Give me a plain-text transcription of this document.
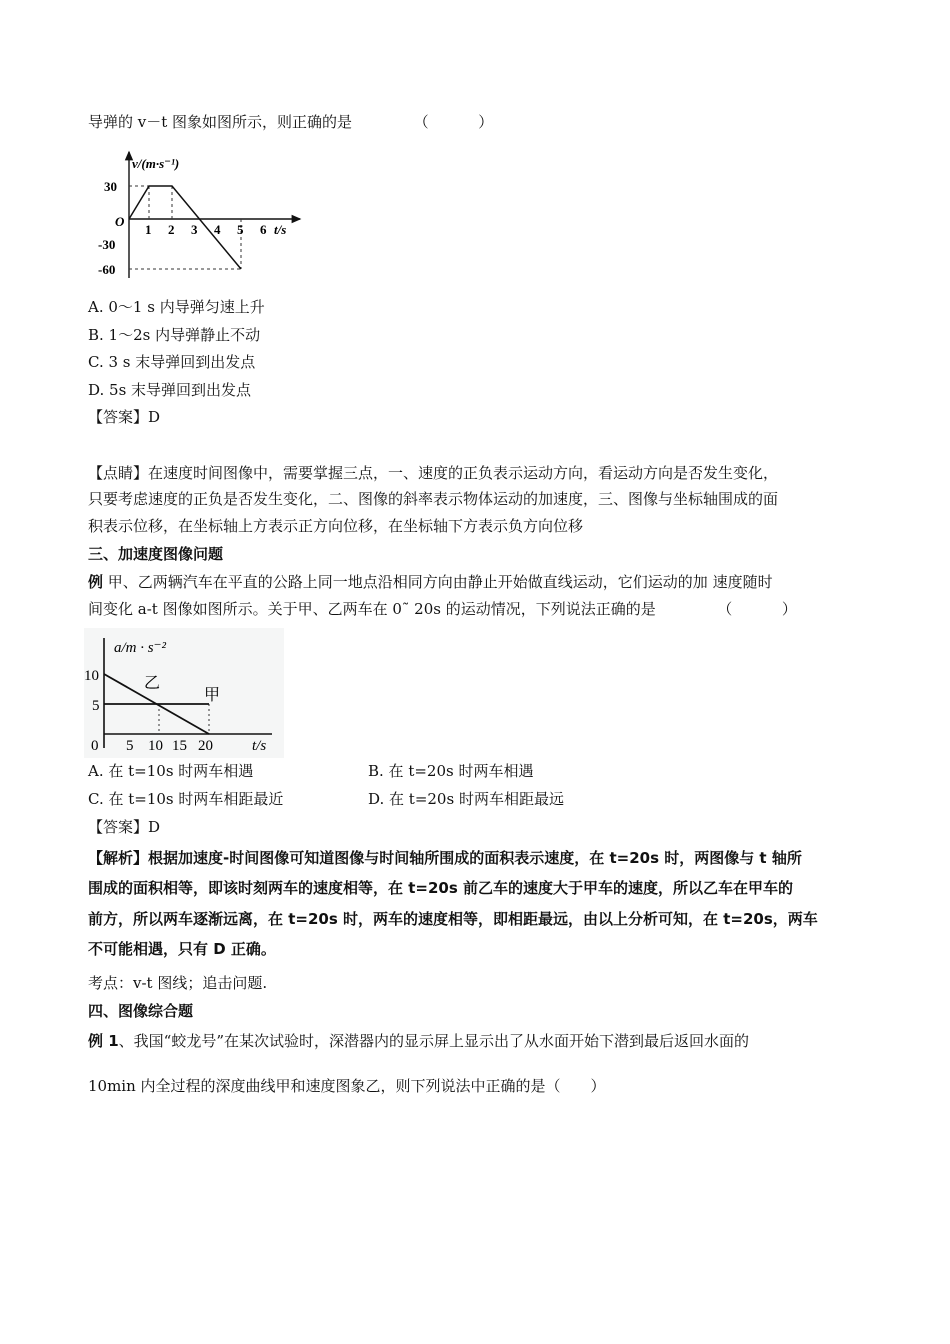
导弹的 v－t 图象如图所示，则正确的是	（	）
v/(m·s⁻¹)
30
O
-30
-60
1 2 3 4 5 6 t/s
A. 0～1 s 内导弹匀速上升
B. 1～2s 内导弹静止不动
C. 3 s 末导弹回到出发点
D. 5s 末导弹回到出发点
【答案】D
【点睛】在速度时间图像中，需要掌握三点，一、速度的正负表示运动方向，看运动方向是否发生变化，
只要考虑速度的正负是否发生变化，二、图像的斜率表示物体运动的加速度，三、图像与坐标轴围成的面
积表示位移，在坐标轴上方表示正方向位移，在坐标轴下方表示负方向位移
三、加速度图像问题
例 甲、乙两辆汽车在平直的公路上同一地点沿相同方向由静止开始做直线运动，它们运动的加 速度随时
间变化 a-t 图像如图所示。关于甲、乙两车在 0˜ 20s 的运动情况，下列说法正确的是	（	）
a/m · s⁻²
10
5
乙
甲
0 5 10 15 20	t/s
A. 在 t=10s 时两车相遇	B. 在 t=20s 时两车相遇
C. 在 t=10s 时两车相距最近	D. 在 t=20s 时两车相距最远
【答案】D
【解析】根据加速度-时间图像可知道图像与时间轴所围成的面积表示速度，在 t=20s 时，两图像与 t 轴所
围成的面积相等，即该时刻两车的速度相等，在 t=20s 前乙车的速度大于甲车的速度，所以乙车在甲车的
前方，所以两车逐渐远离，在 t=20s 时，两车的速度相等，即相距最远，由以上分析可知，在 t=20s，两车
不可能相遇，只有 D 正确。
考点：v-t 图线；追击问题.
四、图像综合题
例 1、我国“蛟龙号”在某次试验时，深潜器内的显示屏上显示出了从水面开始下潜到最后返回水面的
10min 内全过程的深度曲线甲和速度图象乙，则下列说法中正确的是（　　）
